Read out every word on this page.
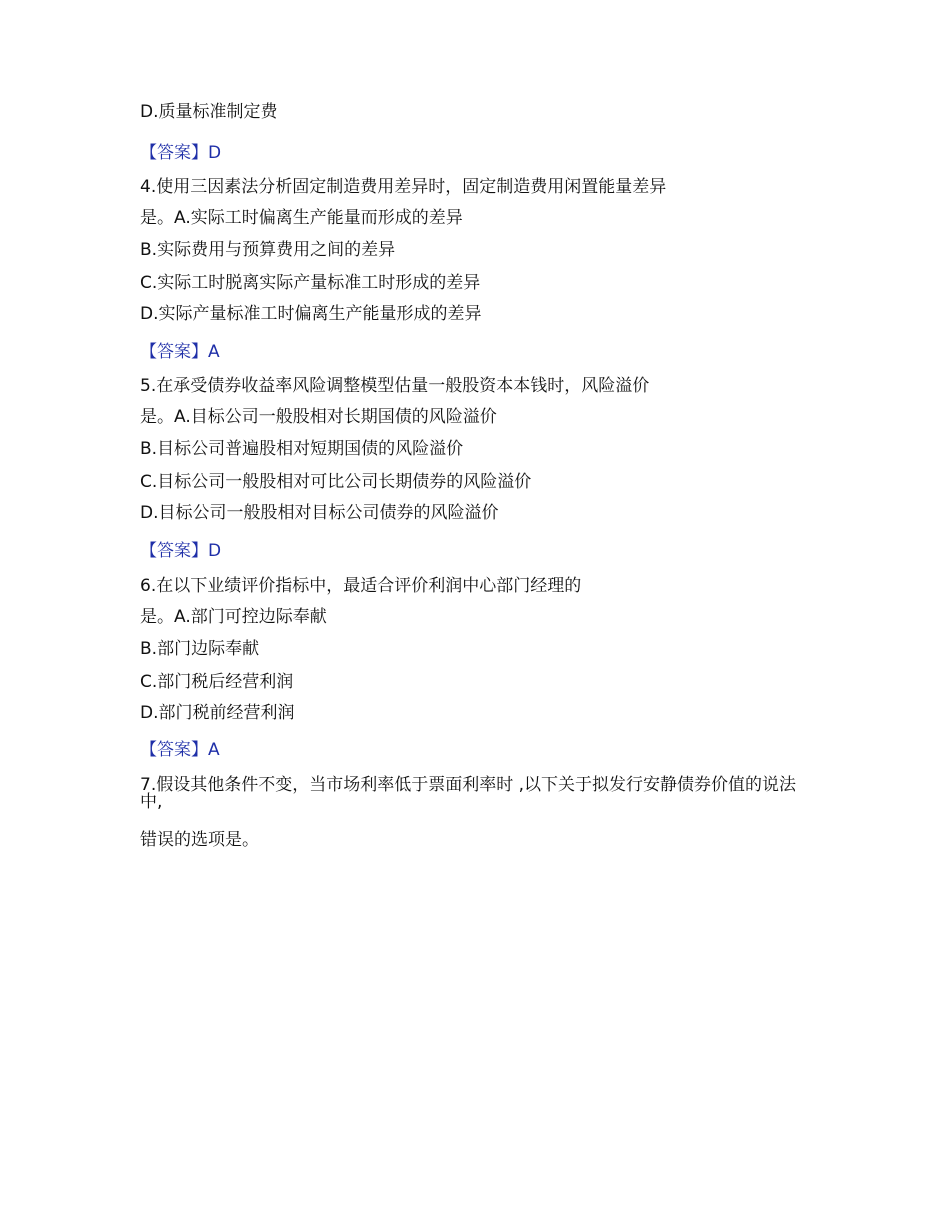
D.质量标准制定费
【答案】D
4.使用三因素法分析固定制造费用差异时，固定制造费用闲置能量差异
是。A.实际工时偏离生产能量而形成的差异
B.实际费用与预算费用之间的差异
C.实际工时脱离实际产量标准工时形成的差异
D.实际产量标准工时偏离生产能量形成的差异
【答案】A
5.在承受债券收益率风险调整模型估量一般股资本本钱时，风险溢价
是。A.目标公司一般股相对长期国债的风险溢价
B.目标公司普遍股相对短期国债的风险溢价
C.目标公司一般股相对可比公司长期债券的风险溢价
D.目标公司一般股相对目标公司债券的风险溢价
【答案】D
6.在以下业绩评价指标中，最适合评价利润中心部门经理的
是。A.部门可控边际奉献
B.部门边际奉献
C.部门税后经营利润
D.部门税前经营利润
【答案】A
7.假设其他条件不变，当市场利率低于票面利率时 ,以下关于拟发行安静债券价值的说法中,
错误的选项是。
